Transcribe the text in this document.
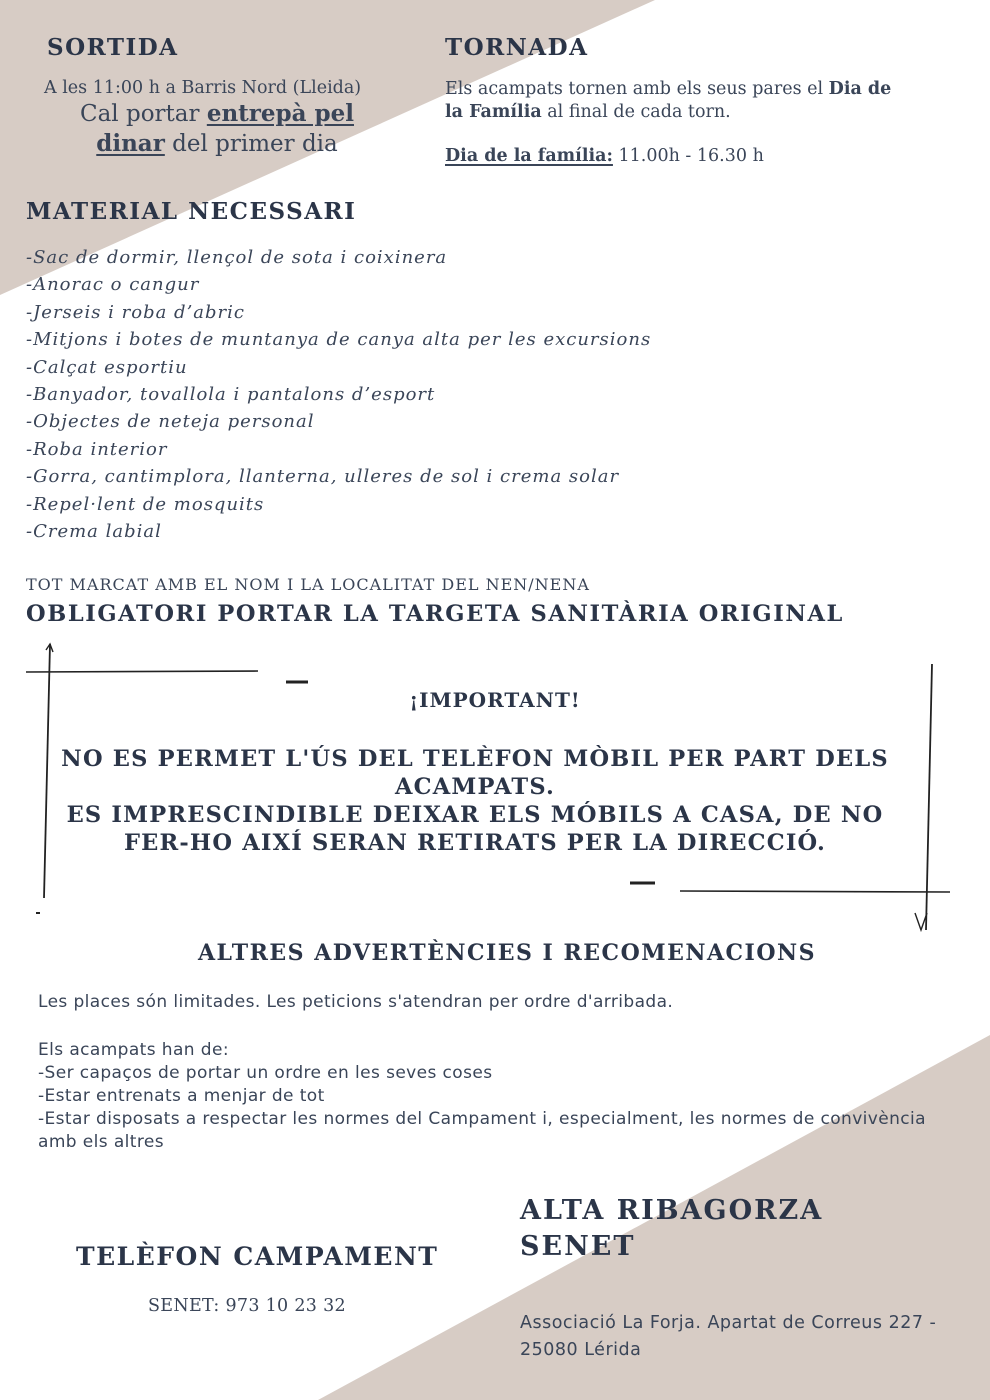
SORTIDA
A les 11:00 h a Barris Nord (Lleida)
Cal portar entrepà pel dinar del primer dia
TORNADA
Els acampats tornen amb els seus pares el Dia de la Família al final de cada torn.
Dia de la família: 11.00h - 16.30 h
MATERIAL NECESSARI
-Sac de dormir, llençol de sota i coixinera
-Anorac o cangur
-Jerseis i roba d’abric
-Mitjons i botes de muntanya de canya alta per les excursions
-Calçat esportiu
-Banyador, tovallola i pantalons d’esport
-Objectes de neteja personal
-Roba interior
-Gorra, cantimplora, llanterna, ulleres de sol i crema solar
-Repel·lent de mosquits
-Crema labial
TOT MARCAT AMB EL NOM I LA LOCALITAT DEL NEN/NENA
OBLIGATORI PORTAR LA TARGETA SANITÀRIA ORIGINAL
¡IMPORTANT!
NO ES PERMET L'ÚS DEL TELÈFON MÒBIL PER PART DELS ACAMPATS.
ES IMPRESCINDIBLE DEIXAR ELS MÓBILS A CASA, DE NO FER-HO AIXÍ SERAN RETIRATS PER LA DIRECCIÓ.
ALTRES ADVERTÈNCIES I RECOMENACIONS
Les places són limitades. Les peticions s'atendran per ordre d'arribada.
Els acampats han de:
-Ser capaços de portar un ordre en les seves coses
-Estar entrenats a menjar de tot
-Estar disposats a respectar les normes del Campament i, especialment, les normes de convivència amb els altres
TELÈFON CAMPAMENT
SENET: 973 10 23 32
ALTA RIBAGORZA
SENET
Associació La Forja. Apartat de Correus 227 - 25080 Lérida
